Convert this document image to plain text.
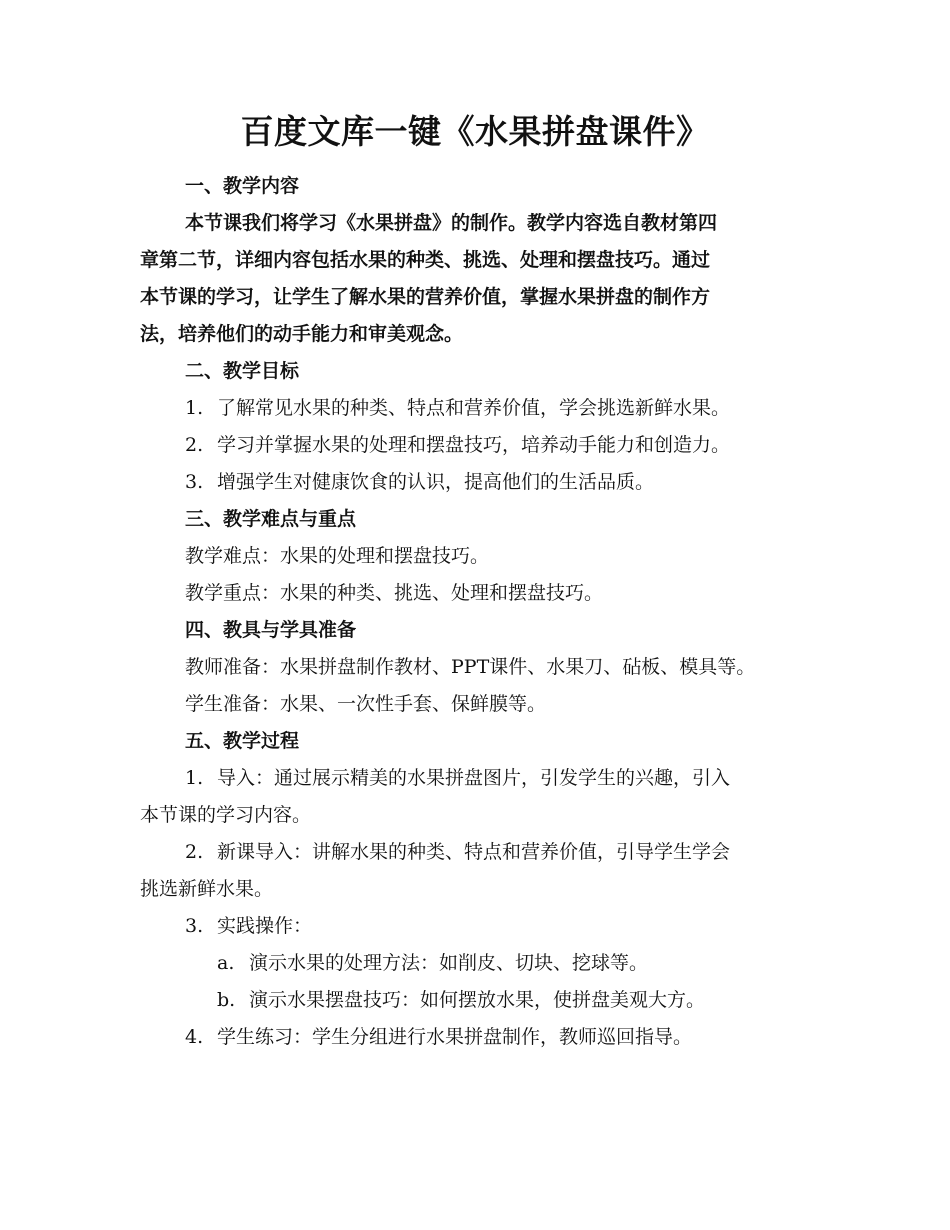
百度文库一键《水果拼盘课件》
一、教学内容
本节课我们将学习《水果拼盘》的制作。教学内容选自教材第四
章第二节，详细内容包括水果的种类、挑选、处理和摆盘技巧。通过
本节课的学习，让学生了解水果的营养价值，掌握水果拼盘的制作方
法，培养他们的动手能力和审美观念。
二、教学目标
1. 了解常见水果的种类、特点和营养价值，学会挑选新鲜水果。
2. 学习并掌握水果的处理和摆盘技巧，培养动手能力和创造力。
3. 增强学生对健康饮食的认识，提高他们的生活品质。
三、教学难点与重点
教学难点：水果的处理和摆盘技巧。
教学重点：水果的种类、挑选、处理和摆盘技巧。
四、教具与学具准备
教师准备：水果拼盘制作教材、PPT课件、水果刀、砧板、模具等。
学生准备：水果、一次性手套、保鲜膜等。
五、教学过程
1. 导入：通过展示精美的水果拼盘图片，引发学生的兴趣，引入
本节课的学习内容。
2. 新课导入：讲解水果的种类、特点和营养价值，引导学生学会
挑选新鲜水果。
3. 实践操作：
a. 演示水果的处理方法：如削皮、切块、挖球等。
b. 演示水果摆盘技巧：如何摆放水果，使拼盘美观大方。
4. 学生练习：学生分组进行水果拼盘制作，教师巡回指导。
